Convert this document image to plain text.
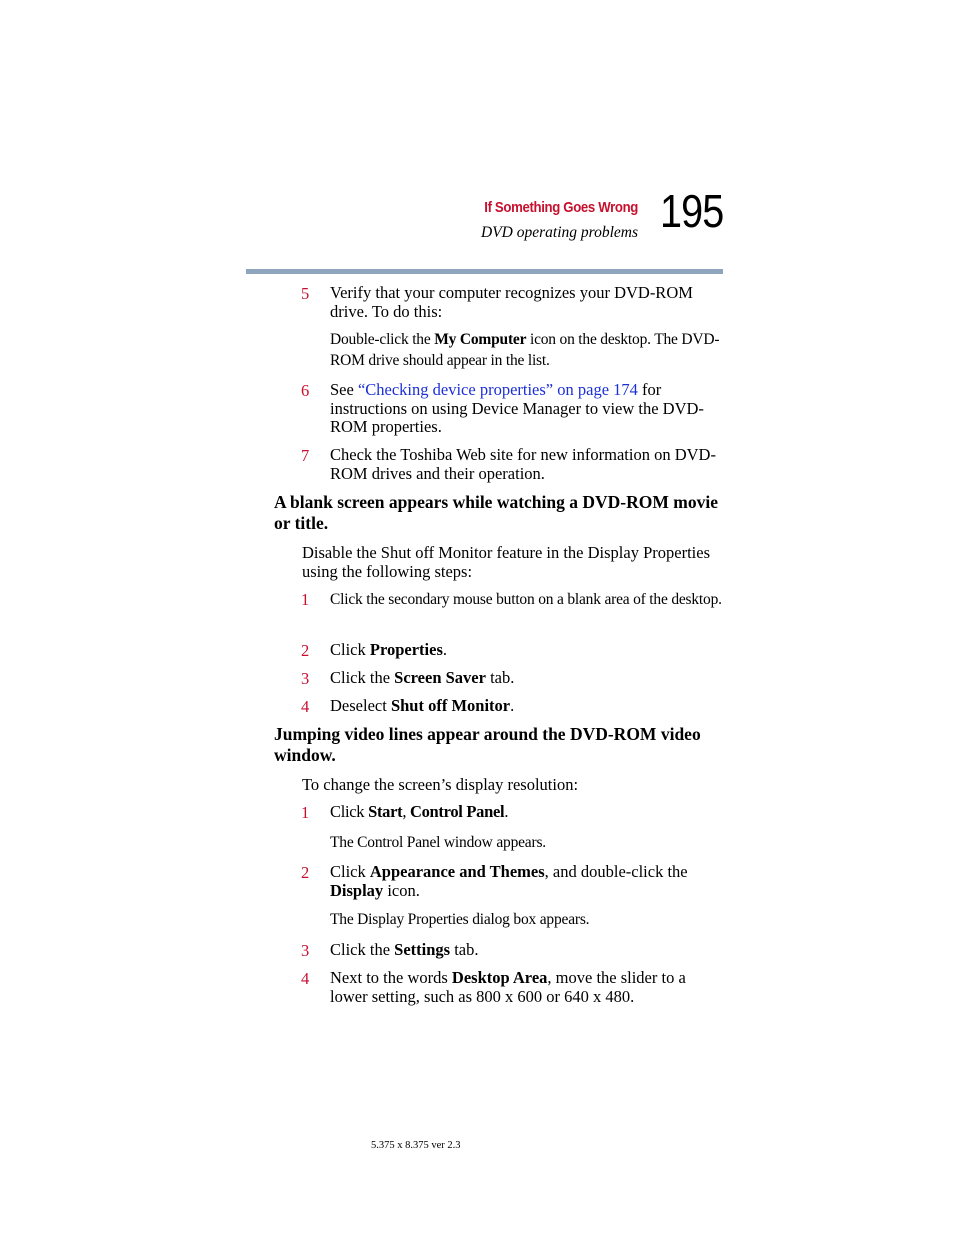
If Something Goes Wrong
DVD operating problems 195
5 Verify that your computer recognizes your DVD-ROM drive. To do this:
Double-click the My Computer icon on the desktop. The DVD-ROM drive should appear in the list.
6 See “Checking device properties” on page 174 for instructions on using Device Manager to view the DVD-ROM properties.
7 Check the Toshiba Web site for new information on DVD-ROM drives and their operation.
A blank screen appears while watching a DVD-ROM movie or title.
Disable the Shut off Monitor feature in the Display Properties using the following steps:
1 Click the secondary mouse button on a blank area of the desktop.
2 Click Properties.
3 Click the Screen Saver tab.
4 Deselect Shut off Monitor.
Jumping video lines appear around the DVD-ROM video window.
To change the screen’s display resolution:
1 Click Start, Control Panel.
The Control Panel window appears.
2 Click Appearance and Themes, and double-click the Display icon.
The Display Properties dialog box appears.
3 Click the Settings tab.
4 Next to the words Desktop Area, move the slider to a lower setting, such as 800 x 600 or 640 x 480.
5.375 x 8.375 ver 2.3
